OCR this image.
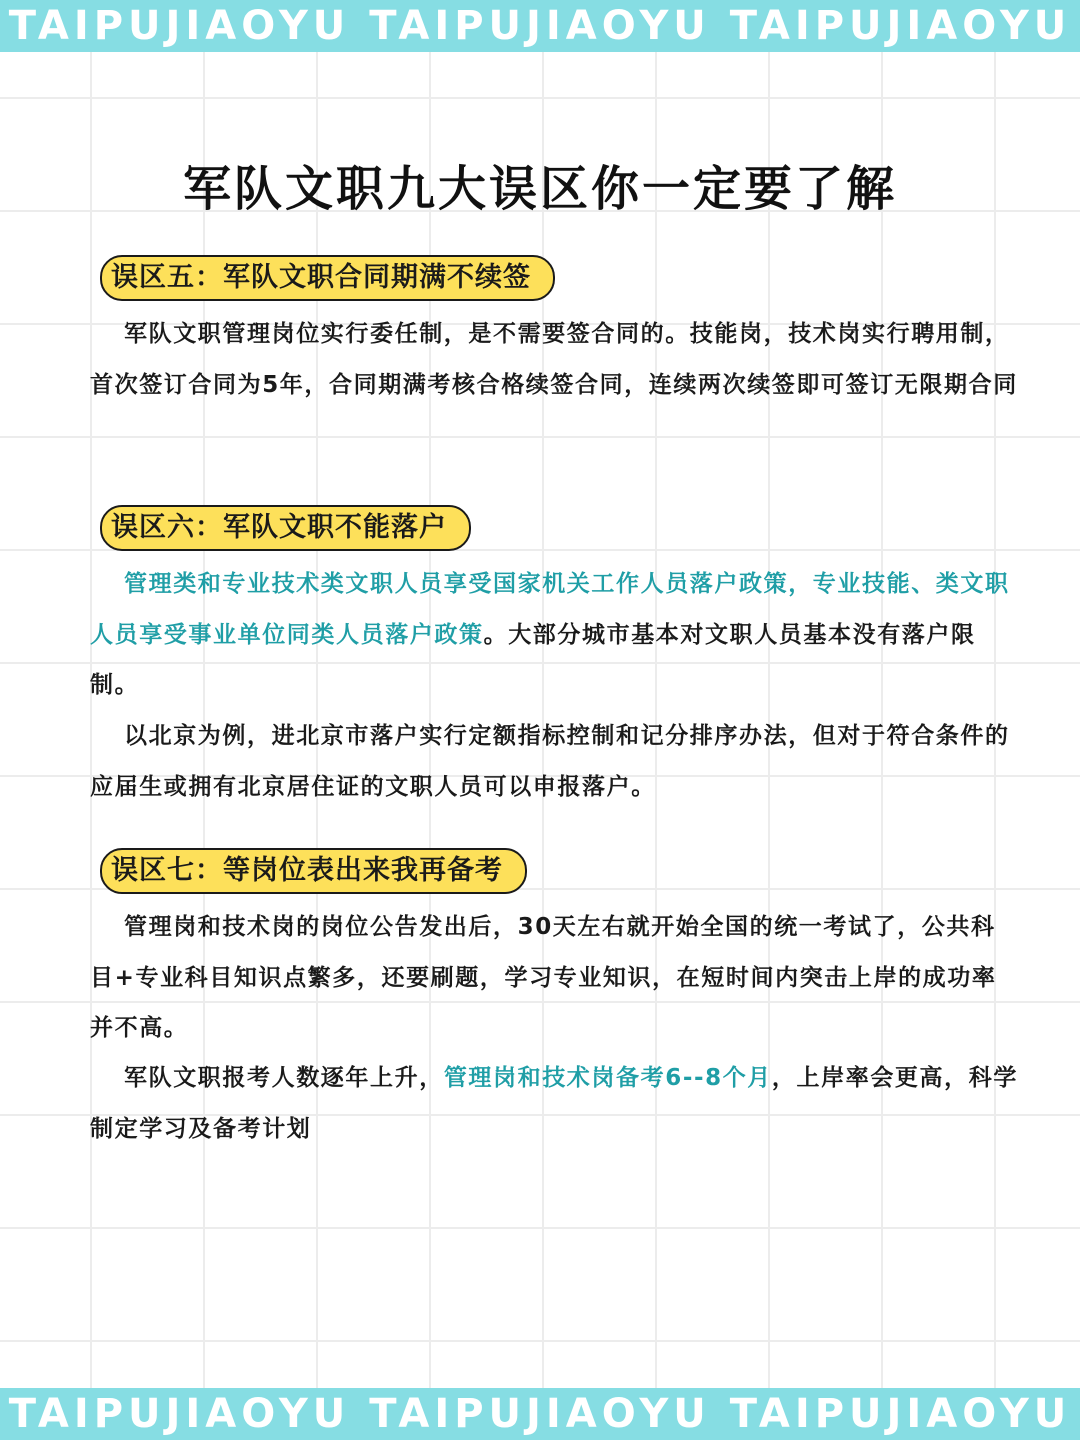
TAIPUJIAOYU TAIPUJIAOYU TAIPUJIAOYU
军队文职九大误区你一定要了解
误区五：军队文职合同期满不续签

军队文职管理岗位实行委任制，是不需要签合同的。技能岗，技术岗实行聘用制，首次签订合同为5年，合同期满考核合格续签合同，连续两次续签即可签订无限期合同

误区六：军队文职不能落户

管理类和专业技术类文职人员享受国家机关工作人员落户政策，专业技能、类文职人员享受事业单位同类人员落户政策。大部分城市基本对文职人员基本没有落户限制。

以北京为例，进北京市落户实行定额指标控制和记分排序办法，但对于符合条件的应届生或拥有北京居住证的文职人员可以申报落户。

误区七：等岗位表出来我再备考

管理岗和技术岗的岗位公告发出后，30天左右就开始全国的统一考试了，公共科目+专业科目知识点繁多，还要刷题，学习专业知识，在短时间内突击上岸的成功率并不高。

军队文职报考人数逐年上升，管理岗和技术岗备考6--8个月，上岸率会更高，科学制定学习及备考计划

TAIPUJIAOYU TAIPUJIAOYU TAIPUJIAOYU
